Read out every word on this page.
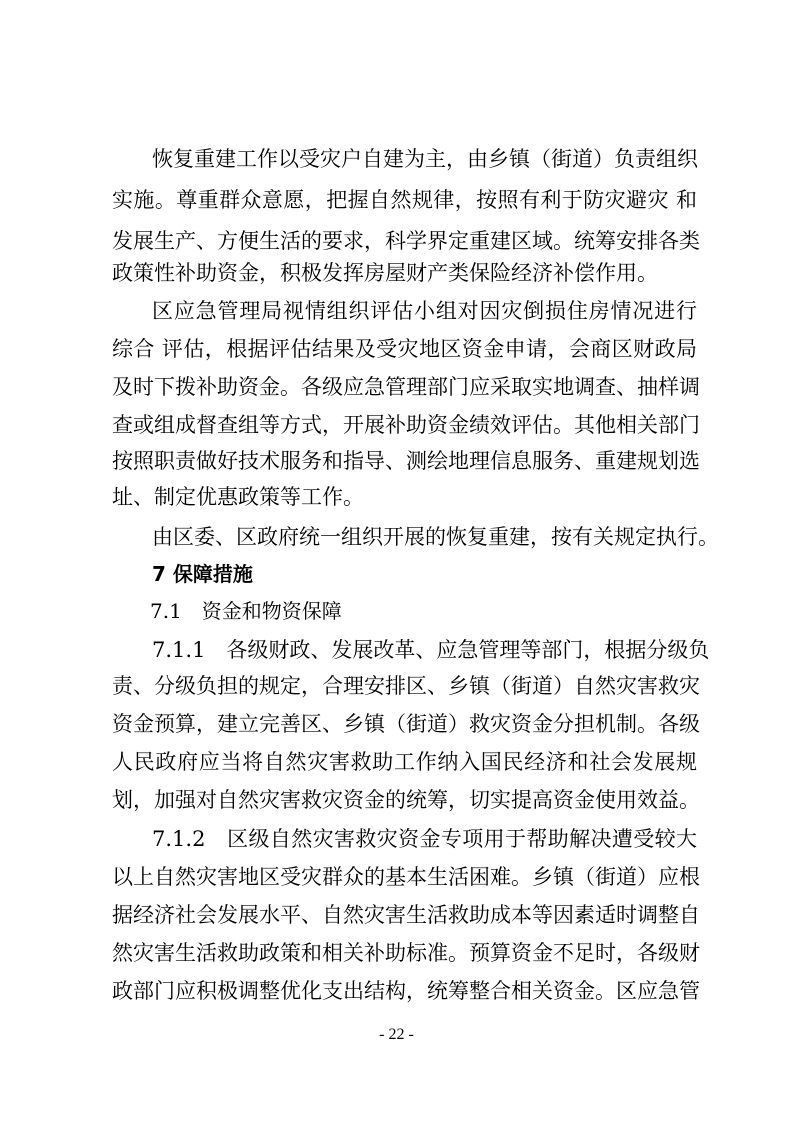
恢复重建工作以受灾户自建为主，由乡镇（街道）负责组织
实施。尊重群众意愿，把握自然规律，按照有利于防灾避灾 和
发展生产、方便生活的要求，科学界定重建区域。统筹安排各类
政策性补助资金，积极发挥房屋财产类保险经济补偿作用。
区应急管理局视情组织评估小组对因灾倒损住房情况进行
综合 评估，根据评估结果及受灾地区资金申请，会商区财政局
及时下拨补助资金。各级应急管理部门应采取实地调查、抽样调
查或组成督查组等方式，开展补助资金绩效评估。其他相关部门
按照职责做好技术服务和指导、测绘地理信息服务、重建规划选
址、制定优惠政策等工作。
由区委、区政府统一组织开展的恢复重建，按有关规定执行。
7 保障措施
7.1　资金和物资保障
7.1.1　各级财政、发展改革、应急管理等部门，根据分级负
责、分级负担的规定，合理安排区、乡镇（街道）自然灾害救灾
资金预算，建立完善区、乡镇（街道）救灾资金分担机制。各级
人民政府应当将自然灾害救助工作纳入国民经济和社会发展规
划，加强对自然灾害救灾资金的统筹，切实提高资金使用效益。
7.1.2　区级自然灾害救灾资金专项用于帮助解决遭受较大
以上自然灾害地区受灾群众的基本生活困难。乡镇（街道）应根
据经济社会发展水平、自然灾害生活救助成本等因素适时调整自
然灾害生活救助政策和相关补助标准。预算资金不足时，各级财
政部门应积极调整优化支出结构，统筹整合相关资金。区应急管
- 22 -
